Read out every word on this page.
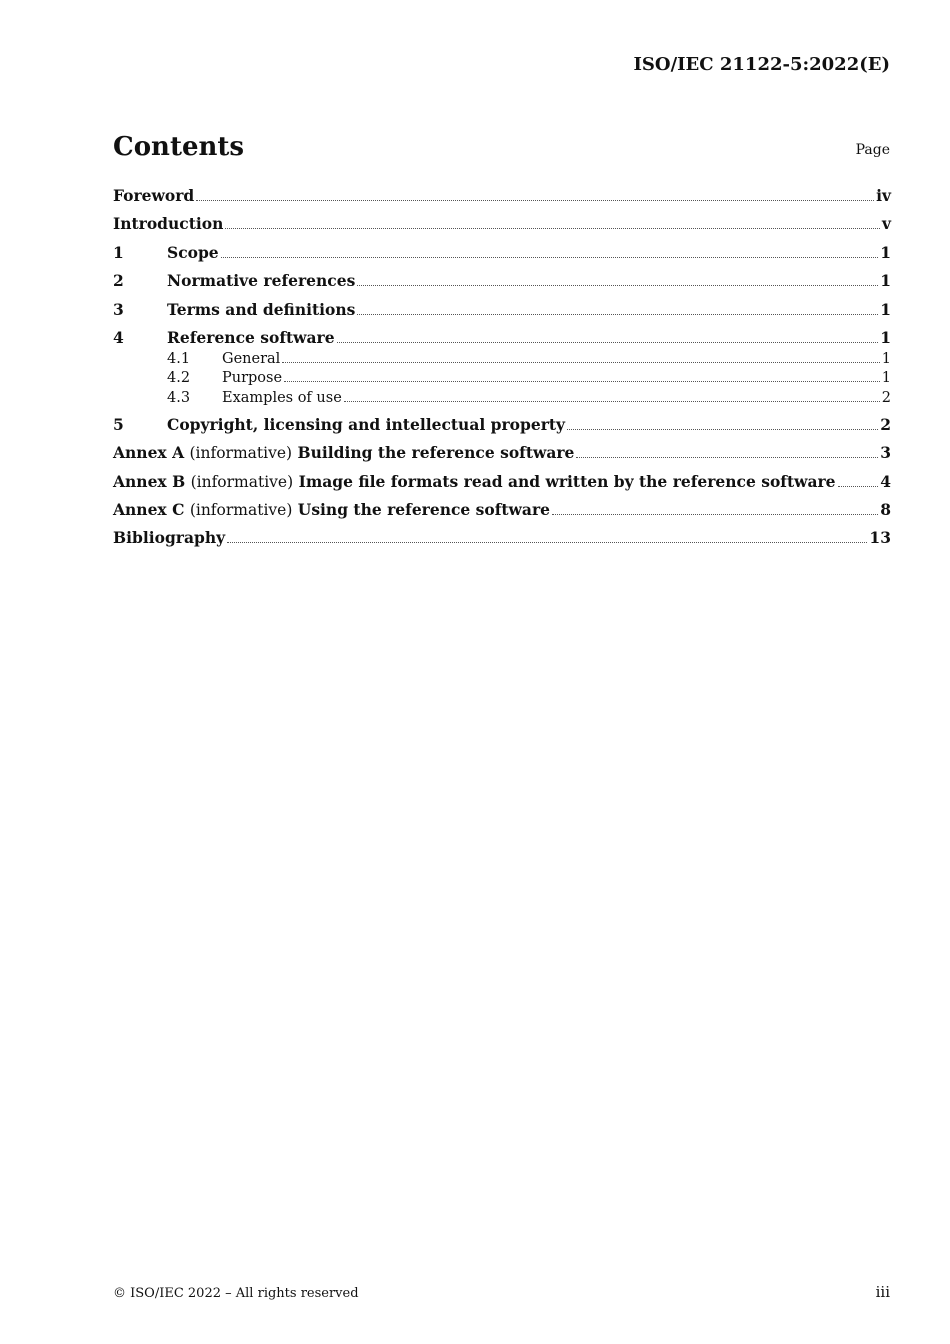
ISO/IEC 21122-5:2022(E)
Contents	Page
Foreword	iv
Introduction	v
1	Scope	1
2	Normative references	1
3	Terms and definitions	1
4	Reference software	1
4.1	General	1
4.2	Purpose	1
4.3	Examples of use	2
5	Copyright, licensing and intellectual property	2
Annex A (informative) Building the reference software	3
Annex B (informative) Image file formats read and written by the reference software	4
Annex C (informative) Using the reference software	8
Bibliography	13
© ISO/IEC 2022 – All rights reserved	iii
